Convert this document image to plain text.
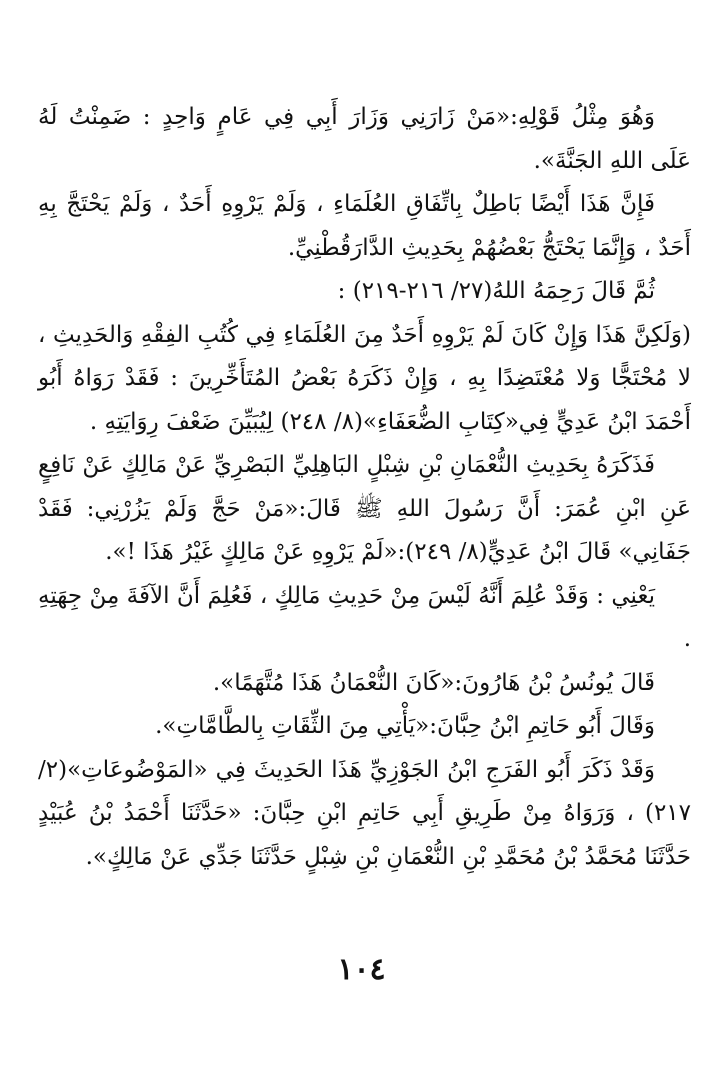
وَهُوَ مِثْلُ قَوْلِهِ:«مَنْ زَارَنِي وَزَارَ أَبِي فِي عَامٍ وَاحِدٍ : ضَمِنْتُ لَهُ عَلَى اللهِ الجَنَّةَ».

فَإِنَّ هَذَا أَيْضًا بَاطِلٌ بِاتِّفَاقِ العُلَمَاءِ ، وَلَمْ يَرْوِهِ أَحَدٌ ، وَلَمْ يَحْتَجَّ بِهِ أَحَدٌ ، وَإِنَّمَا يَحْتَجُّ بَعْضُهُمْ بِحَدِيثِ الدَّارَقُطْنِيِّ.

ثُمَّ قَالَ رَحِمَهُ اللهُ(٢٧/ ٢١٦-٢١٩) :

(وَلَكِنَّ هَذَا وَإِنْ كَانَ لَمْ يَرْوِهِ أَحَدٌ مِنَ العُلَمَاءِ فِي كُتُبِ الفِقْهِ وَالحَدِيثِ ، لا مُحْتَجًّا وَلا مُعْتَضِدًا بِهِ ، وَإِنْ ذَكَرَهُ بَعْضُ المُتَأَخِّرِينَ : فَقَدْ رَوَاهُ أَبُو أَحْمَدَ ابْنُ عَدِيٍّ فِي«كِتَابِ الضُّعَفَاءِ»(٨/ ٢٤٨) لِيُبَيِّنَ ضَعْفَ رِوَايَتِهِ .

فَذَكَرَهُ بِحَدِيثِ النُّعْمَانِ بْنِ شِبْلٍ البَاهِلِيِّ البَصْرِيِّ عَنْ مَالِكٍ عَنْ نَافِعٍ عَنِ ابْنِ عُمَرَ: أَنَّ رَسُولَ اللهِ ﷺ قَالَ:«مَنْ حَجَّ وَلَمْ يَزُرْنِي: فَقَدْ جَفَانِي» قَالَ ابْنُ عَدِيٍّ(٨/ ٢٤٩):«لَمْ يَرْوِهِ عَنْ مَالِكٍ غَيْرُ هَذَا !».

يَعْنِي : وَقَدْ عُلِمَ أَنَّهُ لَيْسَ مِنْ حَدِيثِ مَالِكٍ ، فَعُلِمَ أَنَّ الآفَةَ مِنْ جِهَتِهِ .

قَالَ يُونُسُ بْنُ هَارُونَ:«كَانَ النُّعْمَانُ هَذَا مُتَّهَمًا».

وَقَالَ أَبُو حَاتِمِ ابْنُ حِبَّانَ:«يَأْتِي مِنَ الثِّقَاتِ بِالطَّامَّاتِ».

وَقَدْ ذَكَرَ أَبُو الفَرَجِ ابْنُ الجَوْزِيِّ هَذَا الحَدِيثَ فِي «المَوْضُوعَاتِ»(٢/ ٢١٧) ، وَرَوَاهُ مِنْ طَرِيقِ أَبِي حَاتِمِ ابْنِ حِبَّانَ: «حَدَّثَنَا أَحْمَدُ بْنُ عُبَيْدٍ حَدَّثَنَا مُحَمَّدُ بْنُ مُحَمَّدِ بْنِ النُّعْمَانِ بْنِ شِبْلٍ حَدَّثَنَا جَدِّي عَنْ مَالِكٍ».

١٠٤
